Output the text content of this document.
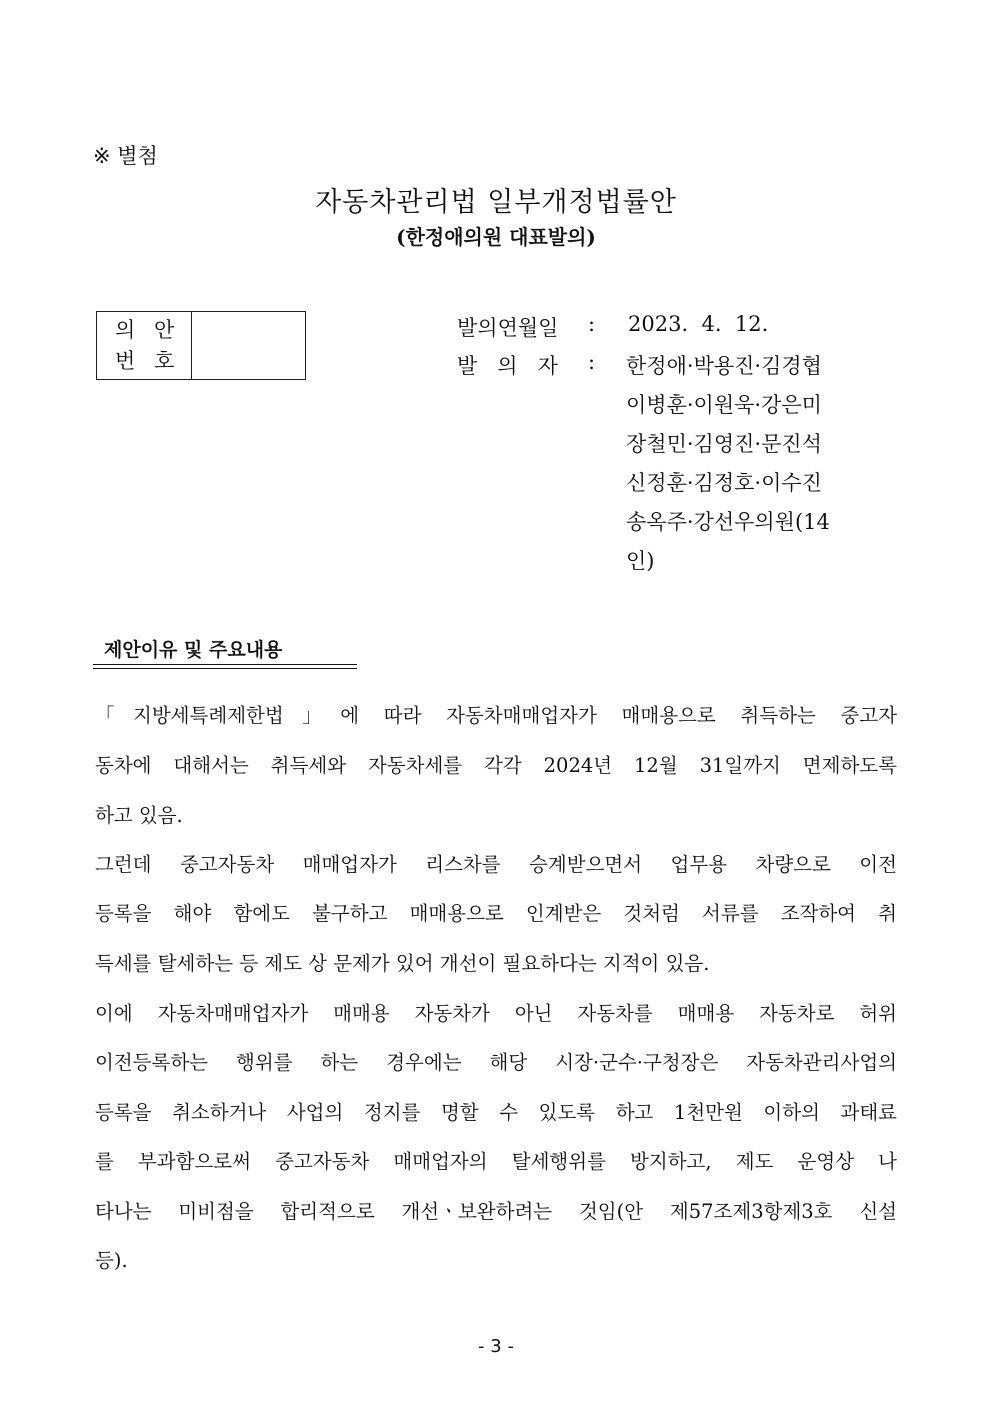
※ 별첨
자동차관리법 일부개정법률안
(한정애의원 대표발의)
의 안
번 호
발의연월일 : 2023.  4.  12.
발   의   자 : 한정애·박용진·김경협
이병훈·이원욱·강은미
장철민·김영진·문진석
신정훈·김정호·이수진
송옥주·강선우의원(14
인)
제안이유 및 주요내용
「지방세특례제한법」에 따라 자동차매매업자가 매매용으로 취득하는 중고자
동차에 대해서는 취득세와 자동차세를 각각 2024년 12월 31일까지 면제하도록
하고 있음.
그런데 중고자동차 매매업자가 리스차를 승계받으면서 업무용 차량으로 이전
등록을 해야 함에도 불구하고 매매용으로 인계받은 것처럼 서류를 조작하여 취
득세를 탈세하는 등 제도 상 문제가 있어 개선이 필요하다는 지적이 있음.
이에 자동차매매업자가 매매용 자동차가 아닌 자동차를 매매용 자동차로 허위
이전등록하는 행위를 하는 경우에는 해당 시장·군수·구청장은 자동차관리사업의
등록을 취소하거나 사업의 정지를 명할 수 있도록 하고 1천만원 이하의 과태료
를 부과함으로써 중고자동차 매매업자의 탈세행위를 방지하고, 제도 운영상 나
타나는 미비점을 합리적으로 개선ㆍ보완하려는 것임(안 제57조제3항제3호 신설
등).
- 3 -
